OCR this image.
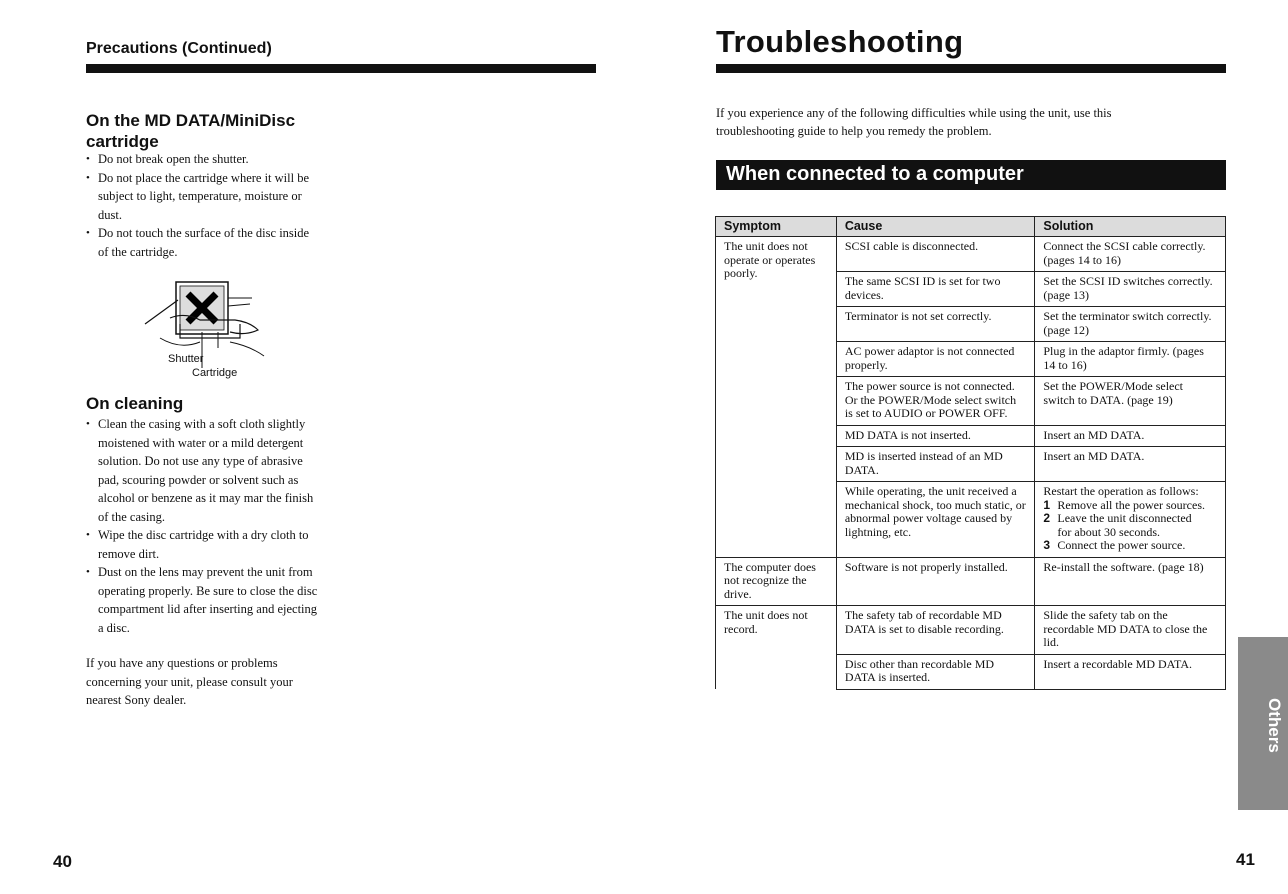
Precautions (Continued)
On the MD DATA/MiniDisc cartridge
• Do not break open the shutter.
• Do not place the cartridge where it will be subject to light, temperature, moisture or dust.
• Do not touch the surface of the disc inside of the cartridge.
Shutter
Cartridge
On cleaning
• Clean the casing with a soft cloth slightly moistened with water or a mild detergent solution. Do not use any type of abrasive pad, scouring powder or solvent such as alcohol or benzene as it may mar the finish of the casing.
• Wipe the disc cartridge with a dry cloth to remove dirt.
• Dust on the lens may prevent the unit from operating properly. Be sure to close the disc compartment lid after inserting and ejecting a disc.

If you have any questions or problems concerning your unit, please consult your nearest Sony dealer.

40
Troubleshooting

If you experience any of the following difficulties while using the unit, use this troubleshooting guide to help you remedy the problem.

When connected to a computer
Symptom	Cause	Solution
The unit does not operate or operates poorly.	SCSI cable is disconnected.	Connect the SCSI cable correctly. (pages 14 to 16)
	The same SCSI ID is set for two devices.	Set the SCSI ID switches correctly. (page 13)
	Terminator is not set correctly.	Set the terminator switch correctly. (page 12)
	AC power adaptor is not connected properly.	Plug in the adaptor firmly. (pages 14 to 16)
	The power source is not connected. Or the POWER/Mode select switch is set to AUDIO or POWER OFF.	Set the POWER/Mode select switch to DATA. (page 19)
	MD DATA is not inserted.	Insert an MD DATA.
	MD is inserted instead of an MD DATA.	Insert an MD DATA.
	While operating, the unit received a mechanical shock, too much static, or abnormal power voltage caused by lightning, etc.	Restart the operation as follows:
1 Remove all the power sources.
2 Leave the unit disconnected
for about 30 seconds.
3 Connect the power source.

The computer does not recognize the drive.	Software is not properly installed.	Re-install the software. (page 18)
The unit does not record.	The safety tab of recordable MD DATA is set to disable recording.	Slide the safety tab on the recordable MD DATA to close the lid.
	Disc other than recordable MD DATA is inserted.	Insert a recordable MD DATA.
Others
41
